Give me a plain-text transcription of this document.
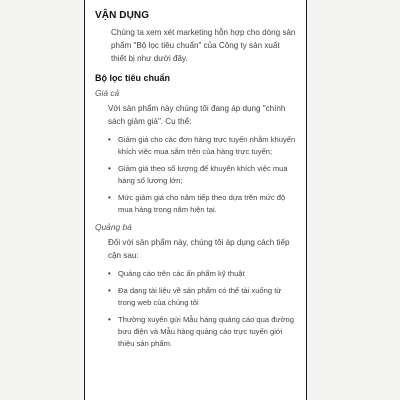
VẬN DỤNG

Chúng ta xem xét marketing hỗn hợp cho dòng sản phẩm "Bộ lọc tiêu chuẩn" của Công ty sản xuất thiết bị như dưới đây.

Bộ lọc tiêu chuẩn
Giá cả

Với sản phẩm này chúng tôi đang áp dụng "chính sách giảm giá". Cụ thể:

• Giảm giá cho các đơn hàng trực tuyến nhằm khuyến khích việc mua sắm trên của hàng trực tuyến;
• Giảm giá theo số lượng để khuyến khích việc mua hàng số lượng lớn;
• Mức giảm giá cho năm tiếp theo dựa trên mức độ mua hàng trong năm hiện tại.
Quảng bá

Đối với sản phẩm này, chúng tôi áp dụng cách tiếp cận sau:

• Quảng cáo trên các ấn phẩm kỹ thuật
• Đa dạng tài liệu về sản phẩm có thể tải xuống từ trong web của chúng tôi
• Thường xuyên gửi Mẫu hàng quảng cáo qua đường bưu điện và Mẫu hàng quảng cáo trực tuyến giới thiệu sản phẩm.
